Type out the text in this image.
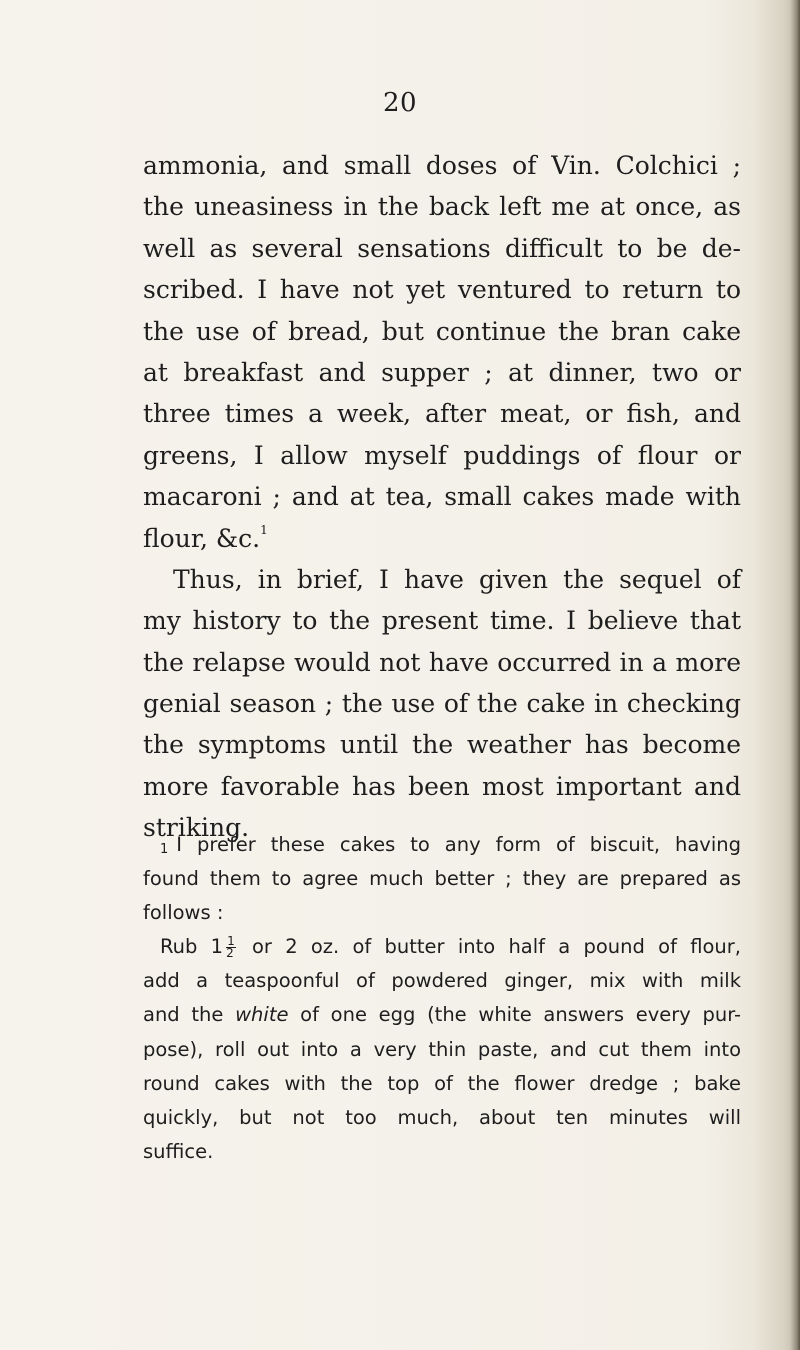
20
ammonia, and small doses of Vin. Colchici ;
the uneasiness in the back left me at once, as
well as several sensations difficult to be de-
scribed. I have not yet ventured to return to
the use of bread, but continue the bran cake
at breakfast and supper ; at dinner, two or
three times a week, after meat, or fish, and
greens, I allow myself puddings of flour or
macaroni ; and at tea, small cakes made with
flour, &c.$^1$
Thus, in brief, I have given the sequel of
my history to the present time. I believe that
the relapse would not have occurred in a more
genial season ; the use of the cake in checking
the symptoms until the weather has become
more favorable has been most important and
striking.
$^1$ I prefer these cakes to any form of biscuit, having
found them to agree much better ; they are prepared as
follows :
Rub $1 \frac{1}{2}$ or 2 oz. of butter into half a pound of flour,
add a teaspoonful of powdered ginger, mix with milk
and the white of one egg (the white answers every pur-
pose), roll out into a very thin paste, and cut them into
round cakes with the top of the flower dredge ; bake
quickly, but not too much, about ten minutes will
suffice.
